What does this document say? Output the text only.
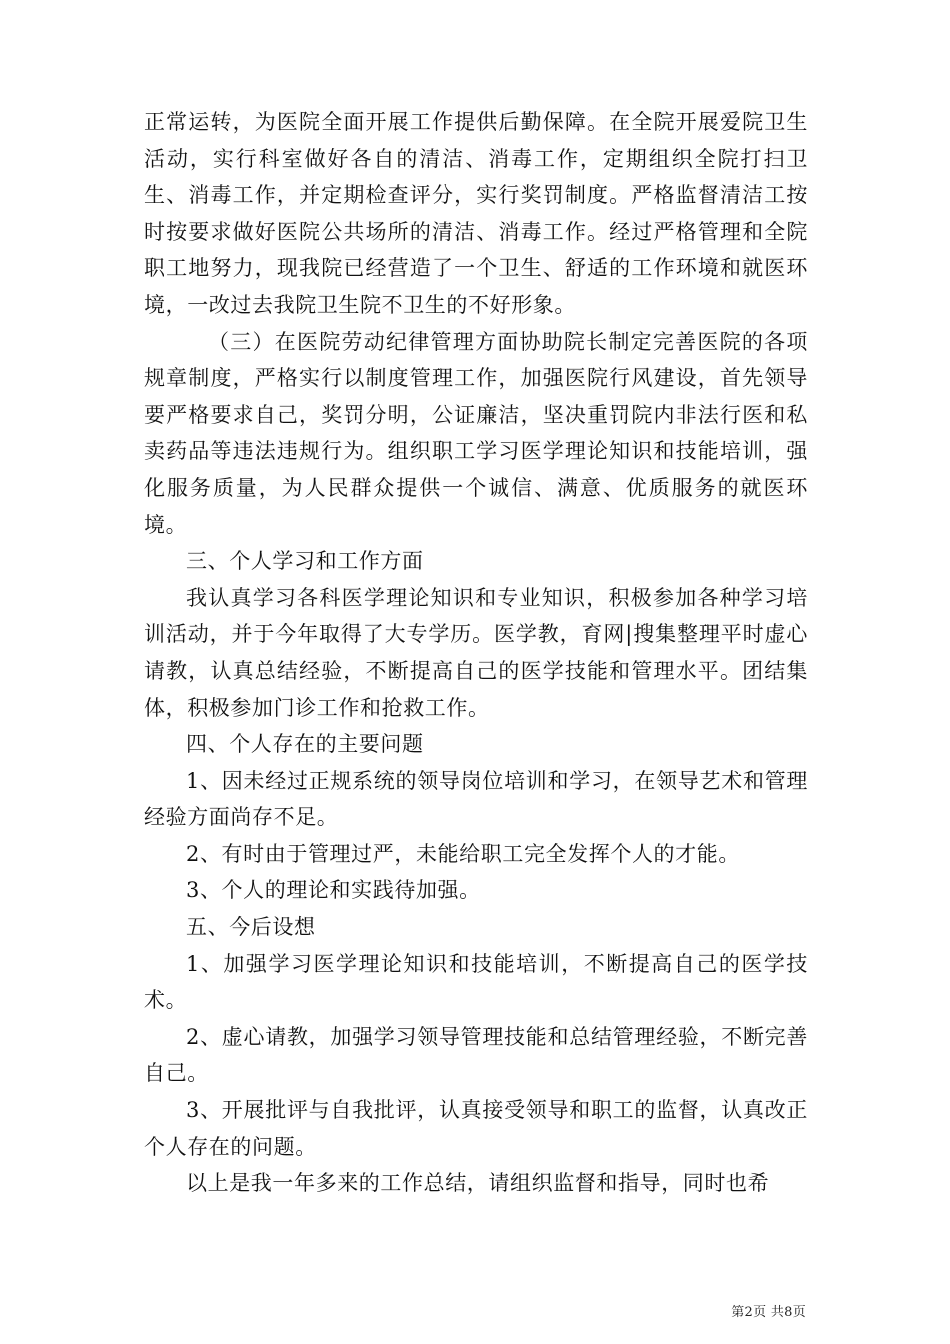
正常运转，为医院全面开展工作提供后勤保障。在全院开展爱院卫生活动，实行科室做好各自的清洁、消毒工作，定期组织全院打扫卫生、消毒工作，并定期检查评分，实行奖罚制度。严格监督清洁工按时按要求做好医院公共场所的清洁、消毒工作。经过严格管理和全院职工地努力，现我院已经营造了一个卫生、舒适的工作环境和就医环境，一改过去我院卫生院不卫生的不好形象。

（三）在医院劳动纪律管理方面协助院长制定完善医院的各项规章制度，严格实行以制度管理工作，加强医院行风建设，首先领导要严格要求自己，奖罚分明，公证廉洁，坚决重罚院内非法行医和私卖药品等违法违规行为。组织职工学习医学理论知识和技能培训，强化服务质量，为人民群众提供一个诚信、满意、优质服务的就医环境。

三、个人学习和工作方面

我认真学习各科医学理论知识和专业知识，积极参加各种学习培训活动，并于今年取得了大专学历。医学教，育网|搜集整理平时虚心请教，认真总结经验，不断提高自己的医学技能和管理水平。团结集体，积极参加门诊工作和抢救工作。

四、个人存在的主要问题

1、因未经过正规系统的领导岗位培训和学习，在领导艺术和管理经验方面尚存不足。

2、有时由于管理过严，未能给职工完全发挥个人的才能。

3、个人的理论和实践待加强。

五、今后设想

1、加强学习医学理论知识和技能培训，不断提高自己的医学技术。

2、虚心请教，加强学习领导管理技能和总结管理经验，不断完善自己。

3、开展批评与自我批评，认真接受领导和职工的监督，认真改正个人存在的问题。

以上是我一年多来的工作总结，请组织监督和指导，同时也希

第2页 共8页
